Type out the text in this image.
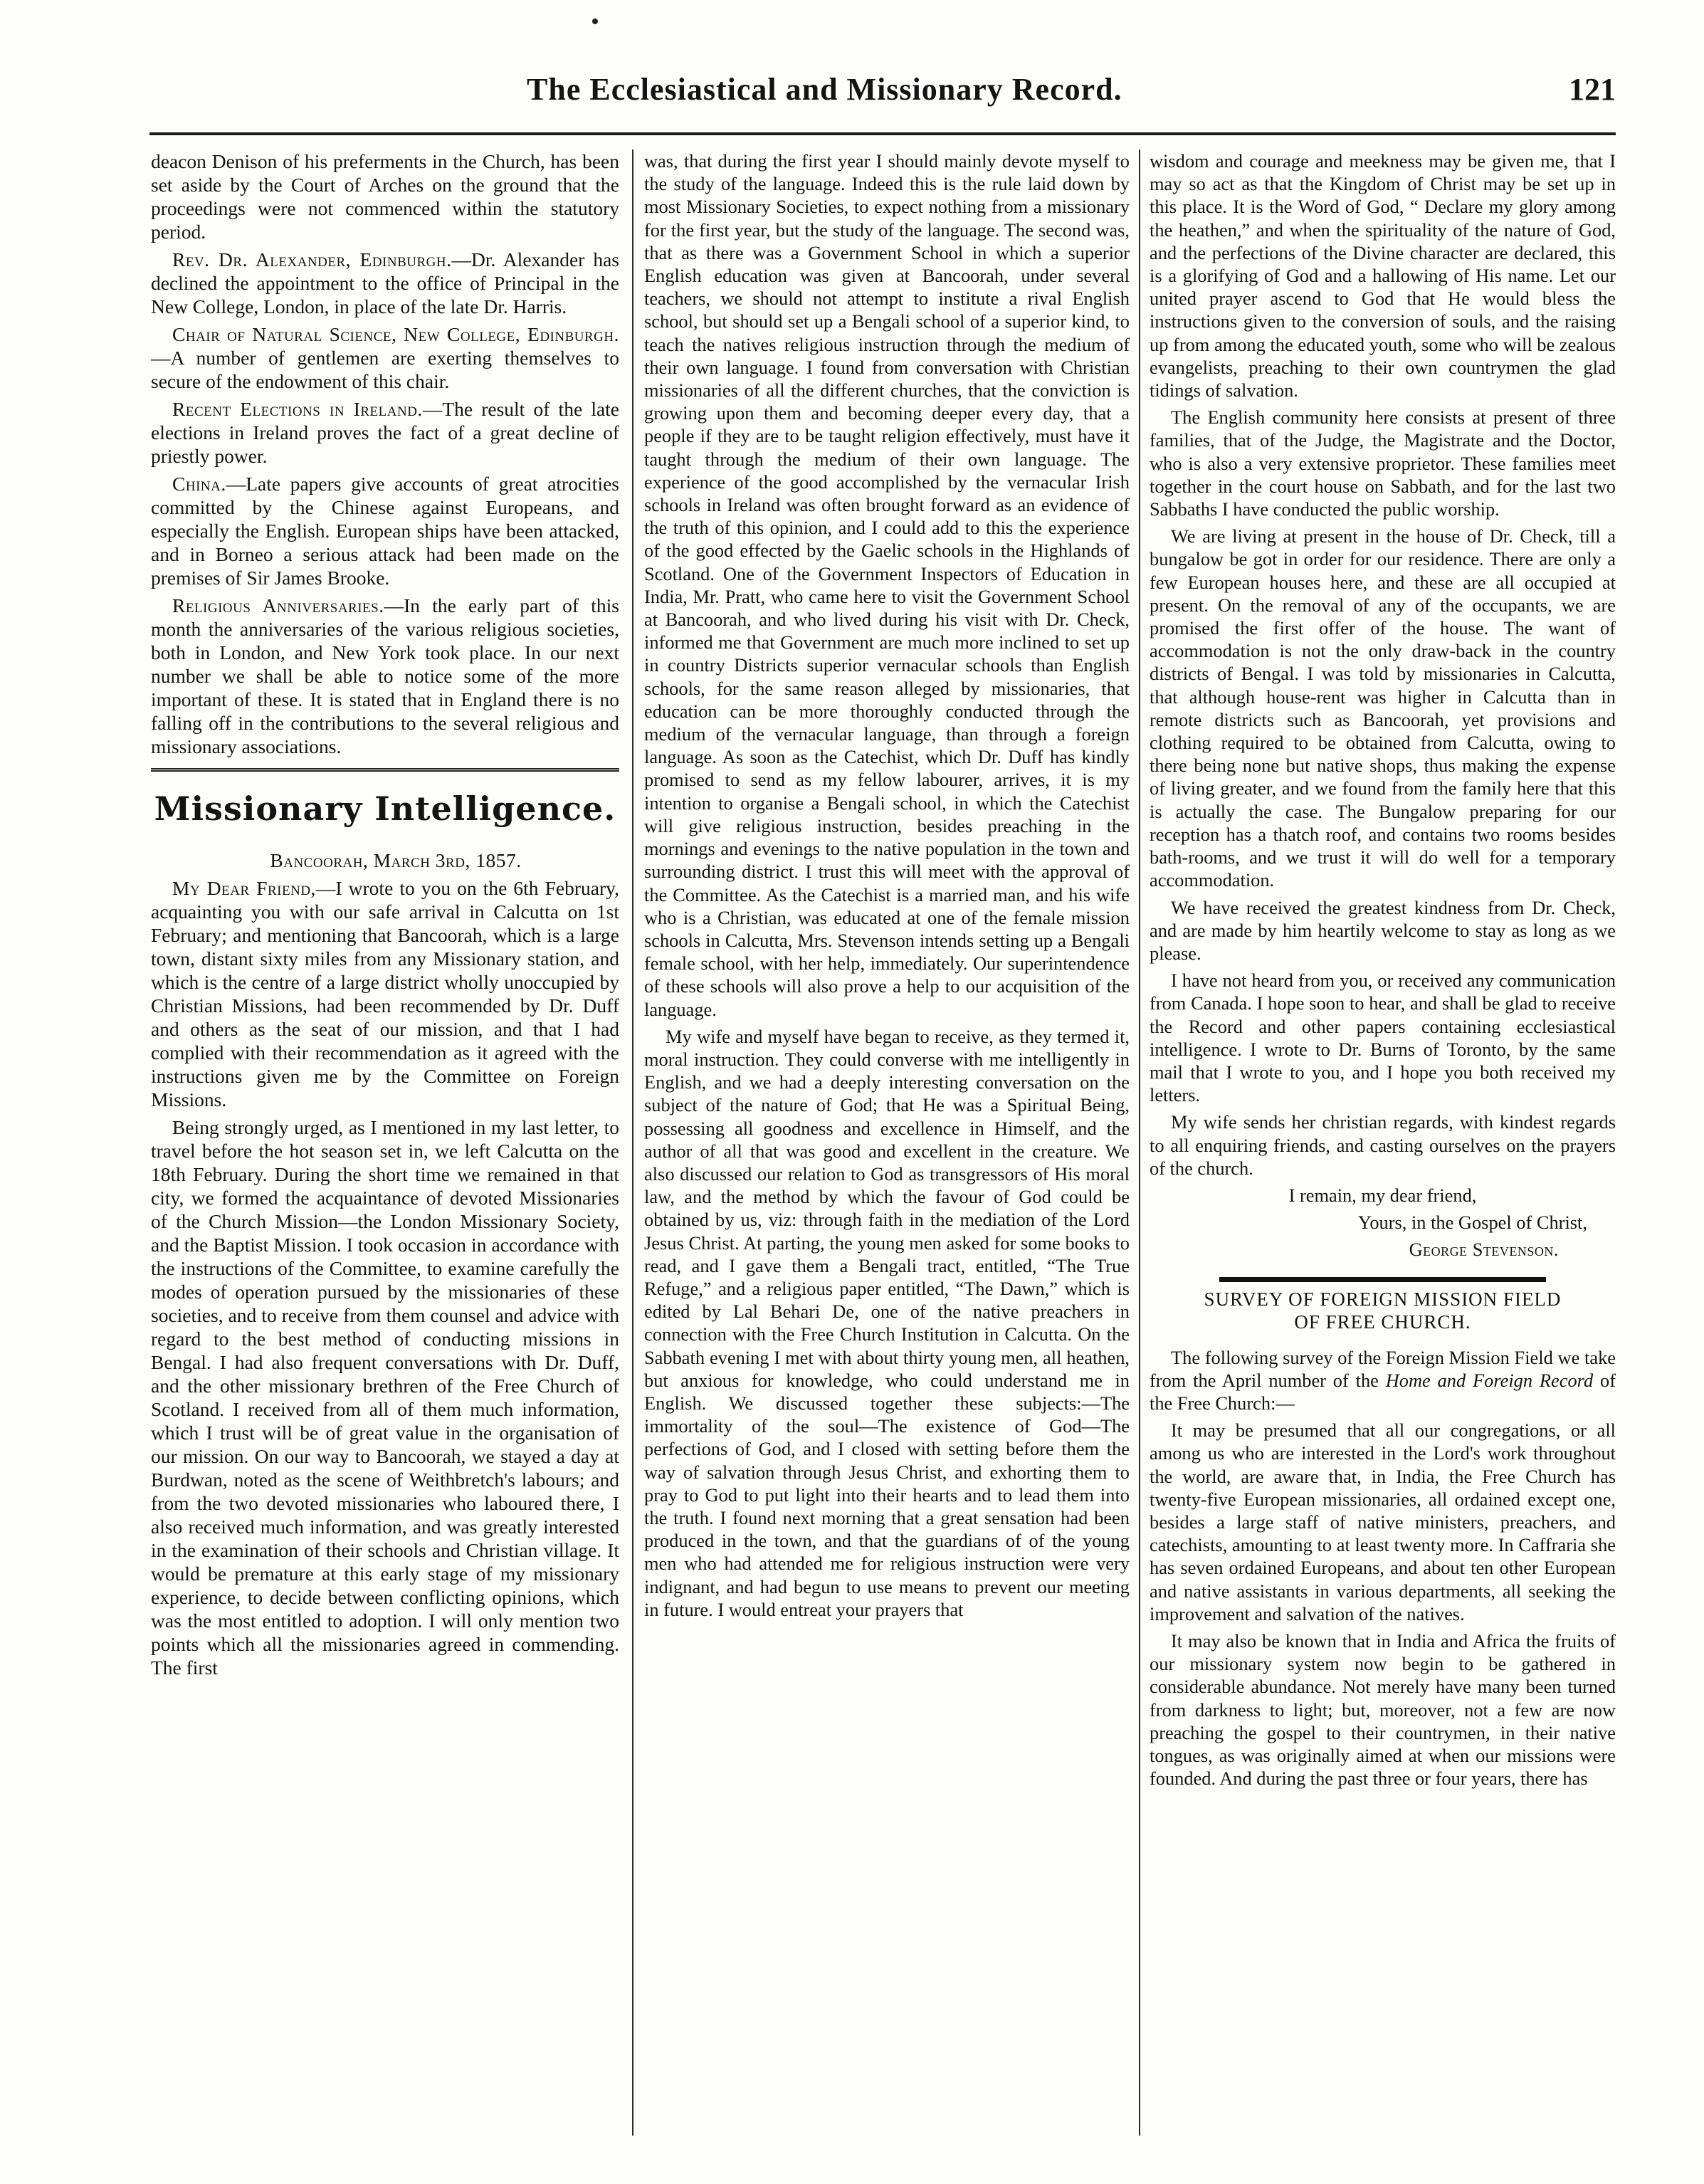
The Ecclesiastical and Missionary Record.	121

deacon Denison of his preferments in the Church, has been set aside by the Court of Arches on the ground that the proceedings were not commenced within the statutory period.

Rev. Dr. Alexander, Edinburgh.—Dr. Alexander has declined the appointment to the office of Principal in the New College, London, in place of the late Dr. Harris.

Chair of Natural Science, New College, Edinburgh.—A number of gentlemen are exerting themselves to secure of the endowment of this chair.

Recent Elections in Ireland.—The result of the late elections in Ireland proves the fact of a great decline of priestly power.

China.—Late papers give accounts of great atrocities committed by the Chinese against Europeans, and especially the English. European ships have been attacked, and in Borneo a serious attack had been made on the premises of Sir James Brooke.

Religious Anniversaries.—In the early part of this month the anniversaries of the various religious societies, both in London, and New York took place. In our next number we shall be able to notice some of the more important of these. It is stated that in England there is no falling off in the contributions to the several religious and missionary associations.

Missionary Intelligence.

Bancoorah, March 3rd, 1857.

My Dear Friend,—I wrote to you on the 6th February, acquainting you with our safe arrival in Calcutta on 1st February; and mentioning that Bancoorah, which is a large town, distant sixty miles from any Missionary station, and which is the centre of a large district wholly unoccupied by Christian Missions, had been recommended by Dr. Duff and others as the seat of our mission, and that I had complied with their recommendation as it agreed with the instructions given me by the Committee on Foreign Missions.

Being strongly urged, as I mentioned in my last letter, to travel before the hot season set in, we left Calcutta on the 18th February. During the short time we remained in that city, we formed the acquaintance of devoted Missionaries of the Church Mission—the London Missionary Society, and the Baptist Mission. I took occasion in accordance with the instructions of the Committee, to examine carefully the modes of operation pursued by the missionaries of these societies, and to receive from them counsel and advice with regard to the best method of conducting missions in Bengal. I had also frequent conversations with Dr. Duff, and the other missionary brethren of the Free Church of Scotland. I received from all of them much information, which I trust will be of great value in the organisation of our mission. On our way to Bancoorah, we stayed a day at Burdwan, noted as the scene of Weithbretch's labours; and from the two devoted missionaries who laboured there, I also received much information, and was greatly interested in the examination of their schools and Christian village. It would be premature at this early stage of my missionary experience, to decide between conflicting opinions, which was the most entitled to adoption. I will only mention two points which all the missionaries agreed in commending. The first

was, that during the first year I should mainly devote myself to the study of the language. Indeed this is the rule laid down by most Missionary Societies, to expect nothing from a missionary for the first year, but the study of the language. The second was, that as there was a Government School in which a superior English education was given at Bancoorah, under several teachers, we should not attempt to institute a rival English school, but should set up a Bengali school of a superior kind, to teach the natives religious instruction through the medium of their own language. I found from conversation with Christian missionaries of all the different churches, that the conviction is growing upon them and becoming deeper every day, that a people if they are to be taught religion effectively, must have it taught through the medium of their own language. The experience of the good accomplished by the vernacular Irish schools in Ireland was often brought forward as an evidence of the truth of this opinion, and I could add to this the experience of the good effected by the Gaelic schools in the Highlands of Scotland. One of the Government Inspectors of Education in India, Mr. Pratt, who came here to visit the Government School at Bancoorah, and who lived during his visit with Dr. Check, informed me that Government are much more inclined to set up in country Districts superior vernacular schools than English schools, for the same reason alleged by missionaries, that education can be more thoroughly conducted through the medium of the vernacular language, than through a foreign language. As soon as the Catechist, which Dr. Duff has kindly promised to send as my fellow labourer, arrives, it is my intention to organise a Bengali school, in which the Catechist will give religious instruction, besides preaching in the mornings and evenings to the native population in the town and surrounding district. I trust this will meet with the approval of the Committee. As the Catechist is a married man, and his wife who is a Christian, was educated at one of the female mission schools in Calcutta, Mrs. Stevenson intends setting up a Bengali female school, with her help, immediately. Our superintendence of these schools will also prove a help to our acquisition of the language.

My wife and myself have began to receive, as they termed it, moral instruction. They could converse with me intelligently in English, and we had a deeply interesting conversation on the subject of the nature of God; that He was a Spiritual Being, possessing all goodness and excellence in Himself, and the author of all that was good and excellent in the creature. We also discussed our relation to God as transgressors of His moral law, and the method by which the favour of God could be obtained by us, viz: through faith in the mediation of the Lord Jesus Christ. At parting, the young men asked for some books to read, and I gave them a Bengali tract, entitled, “The True Refuge,” and a religious paper entitled, “The Dawn,” which is edited by Lal Behari De, one of the native preachers in connection with the Free Church Institution in Calcutta. On the Sabbath evening I met with about thirty young men, all heathen, but anxious for knowledge, who could understand me in English. We discussed together these subjects:—The immortality of the soul—The existence of God—The perfections of God, and I closed with setting before them the way of salvation through Jesus Christ, and exhorting them to pray to God to put light into their hearts and to lead them into the truth. I found next morning that a great sensation had been produced in the town, and that the guardians of of the young men who had attended me for religious instruction were very indignant, and had begun to use means to prevent our meeting in future. I would entreat your prayers that

wisdom and courage and meekness may be given me, that I may so act as that the Kingdom of Christ may be set up in this place. It is the Word of God, “ Declare my glory among the heathen,” and when the spirituality of the nature of God, and the perfections of the Divine character are declared, this is a glorifying of God and a hallowing of His name. Let our united prayer ascend to God that He would bless the instructions given to the conversion of souls, and the raising up from among the educated youth, some who will be zealous evangelists, preaching to their own countrymen the glad tidings of salvation.

The English community here consists at present of three families, that of the Judge, the Magistrate and the Doctor, who is also a very extensive proprietor. These families meet together in the court house on Sabbath, and for the last two Sabbaths I have conducted the public worship.

We are living at present in the house of Dr. Check, till a bungalow be got in order for our residence. There are only a few European houses here, and these are all occupied at present. On the removal of any of the occupants, we are promised the first offer of the house. The want of accommodation is not the only draw-back in the country districts of Bengal. I was told by missionaries in Calcutta, that although house-rent was higher in Calcutta than in remote districts such as Bancoorah, yet provisions and clothing required to be obtained from Calcutta, owing to there being none but native shops, thus making the expense of living greater, and we found from the family here that this is actually the case. The Bungalow preparing for our reception has a thatch roof, and contains two rooms besides bath-rooms, and we trust it will do well for a temporary accommodation.

We have received the greatest kindness from Dr. Check, and are made by him heartily welcome to stay as long as we please.

I have not heard from you, or received any communication from Canada. I hope soon to hear, and shall be glad to receive the Record and other papers containing ecclesiastical intelligence. I wrote to Dr. Burns of Toronto, by the same mail that I wrote to you, and I hope you both received my letters.

My wife sends her christian regards, with kindest regards to all enquiring friends, and casting ourselves on the prayers of the church.

I remain, my dear friend,

Yours, in the Gospel of Christ,

George Stevenson.

SURVEY OF FOREIGN MISSION FIELD
OF FREE CHURCH.

The following survey of the Foreign Mission Field we take from the April number of the Home and Foreign Record of the Free Church:—

It may be presumed that all our congregations, or all among us who are interested in the Lord's work throughout the world, are aware that, in India, the Free Church has twenty-five European missionaries, all ordained except one, besides a large staff of native ministers, preachers, and catechists, amounting to at least twenty more. In Caffraria she has seven ordained Europeans, and about ten other European and native assistants in various departments, all seeking the improvement and salvation of the natives.

It may also be known that in India and Africa the fruits of our missionary system now begin to be gathered in considerable abundance. Not merely have many been turned from darkness to light; but, moreover, not a few are now preaching the gospel to their countrymen, in their native tongues, as was originally aimed at when our missions were founded. And during the past three or four years, there has
